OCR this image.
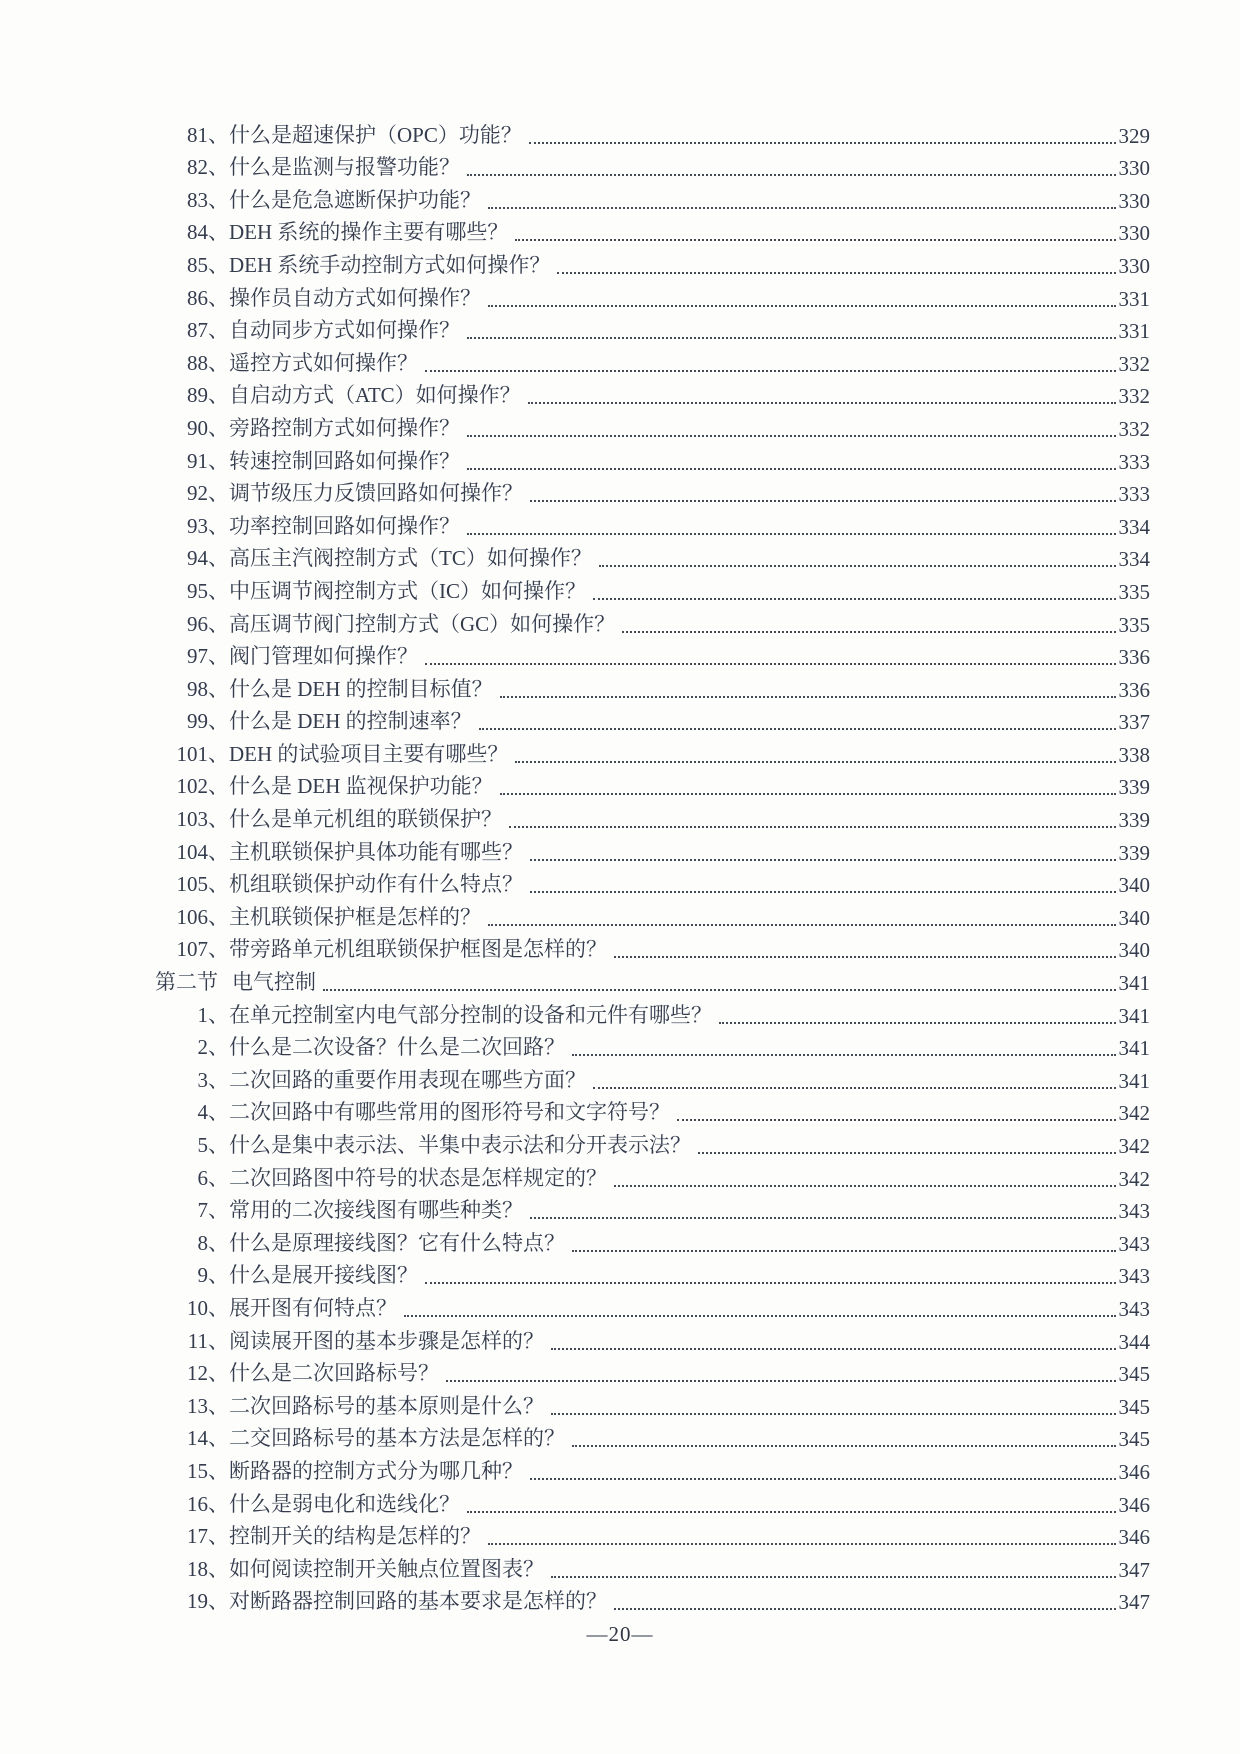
81、 什么是超速保护（OPC）功能？	329
82、 什么是监测与报警功能？	330
83、 什么是危急遮断保护功能？	330
84、 DEH 系统的操作主要有哪些？	330
85、 DEH 系统手动控制方式如何操作？	330
86、 操作员自动方式如何操作？	331
87、 自动同步方式如何操作？	331
88、 遥控方式如何操作？	332
89、 自启动方式（ATC）如何操作？	332
90、 旁路控制方式如何操作？	332
91、 转速控制回路如何操作？	333
92、 调节级压力反馈回路如何操作？	333
93、 功率控制回路如何操作？	334
94、 高压主汽阀控制方式（TC）如何操作？	334
95、 中压调节阀控制方式（IC）如何操作？	335
96、 高压调节阀门控制方式（GC）如何操作？	335
97、 阀门管理如何操作？	336
98、 什么是 DEH 的控制目标值？	336
99、 什么是 DEH 的控制速率？	337
101、 DEH 的试验项目主要有哪些？	338
102、 什么是 DEH 监视保护功能？	339
103、 什么是单元机组的联锁保护？	339
104、 主机联锁保护具体功能有哪些？	339
105、 机组联锁保护动作有什么特点？	340
106、 主机联锁保护框是怎样的？	340
107、 带旁路单元机组联锁保护框图是怎样的？	340
第二节 电气控制	341
1、 在单元控制室内电气部分控制的设备和元件有哪些？	341
2、 什么是二次设备？什么是二次回路？	341
3、 二次回路的重要作用表现在哪些方面？	341
4、 二次回路中有哪些常用的图形符号和文字符号？	342
5、 什么是集中表示法、半集中表示法和分开表示法？	342
6、 二次回路图中符号的状态是怎样规定的？	342
7、 常用的二次接线图有哪些种类？	343
8、 什么是原理接线图？它有什么特点？	343
9、 什么是展开接线图？	343
10、 展开图有何特点？	343
11、 阅读展开图的基本步骤是怎样的？	344
12、 什么是二次回路标号？	345
13、 二次回路标号的基本原则是什么？	345
14、 二交回路标号的基本方法是怎样的？	345
15、 断路器的控制方式分为哪几种？	346
16、 什么是弱电化和选线化？	346
17、 控制开关的结构是怎样的？	346
18、 如何阅读控制开关触点位置图表？	347
19、 对断路器控制回路的基本要求是怎样的？	347
—20—
